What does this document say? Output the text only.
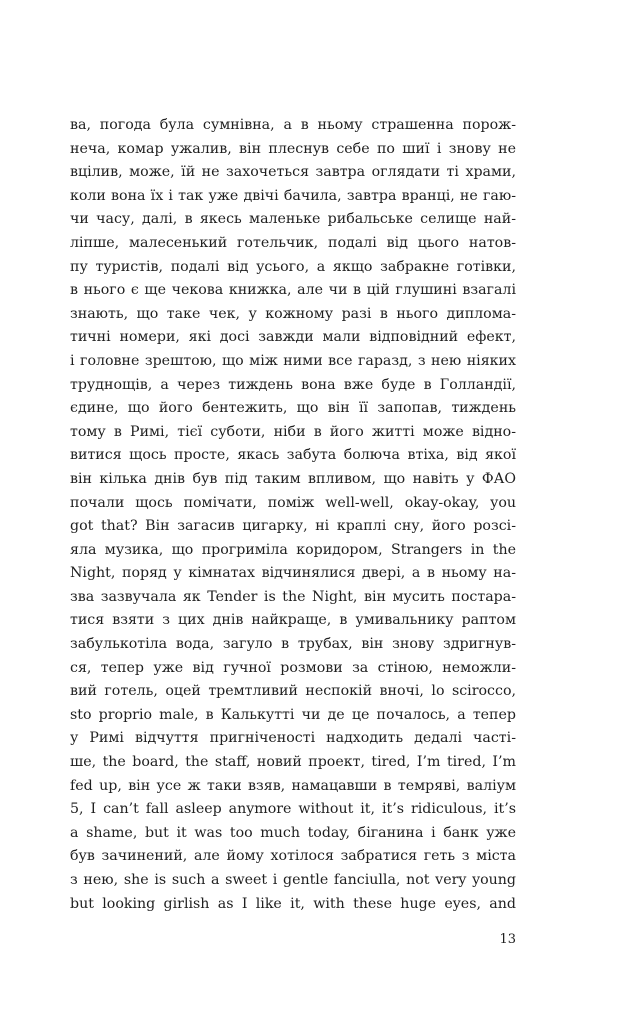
ва, погода була сумнівна, а в ньому страшенна порож-
неча, комар ужалив, він плеснув себе по шиї і знову не
вцілив, може, їй не захочеться завтра оглядати ті храми,
коли вона їх і так уже двічі бачила, завтра вранці, не гаю-
чи часу, далі, в якесь маленьке рибальське селище най-
ліпше, малесенький готельчик, подалі від цього натов-
пу туристів, подалі від усього, а якщо забракне готівки,
в нього є ще чекова книжка, але чи в цій глушині взагалі
знають, що таке чек, у кожному разі в нього диплома-
тичні номери, які досі завжди мали відповідний ефект,
і головне зрештою, що між ними все гаразд, з нею ніяких
труднощів, а через тиждень вона вже буде в Голландії,
єдине, що його бентежить, що він її запопав, тиждень
тому в Римі, тієї суботи, ніби в його житті може відно-
витися щось просте, якась забута болюча втіха, від якої
він кілька днів був під таким впливом, що навіть у ФАО
почали щось помічати, поміж well-well, okay-okay, you
got that? Він загасив цигарку, ні краплі сну, його розсі-
яла музика, що прогриміла коридором, Strangers in the
Night, поряд у кімнатах відчинялися двері, а в ньому на-
зва зазвучала як Tender is the Night, він мусить постара-
тися взяти з цих днів найкраще, в умивальнику раптом
забулькотіла вода, загуло в трубах, він знову здригнув-
ся, тепер уже від гучної розмови за стіною, неможли-
вий готель, оцей тремтливий неспокій вночі, lo scirocco,
sto proprio male, в Калькутті чи де це почалось, а тепер
у Римі відчуття пригніченості надходить дедалі часті-
ше, the board, the staff, новий проект, tired, I’m tired, I’m
fed up, він усе ж таки взяв, намацавши в темряві, валіум
5, I can’t fall asleep anymore without it, it’s ridiculous, it’s
a shame, but it was too much today, біганина і банк уже
був зачинений, але йому хотілося забратися геть з міста
з нею, she is such a sweet i gentle fanciulla, not very young
but looking girlish as I like it, with these huge eyes, and
13
